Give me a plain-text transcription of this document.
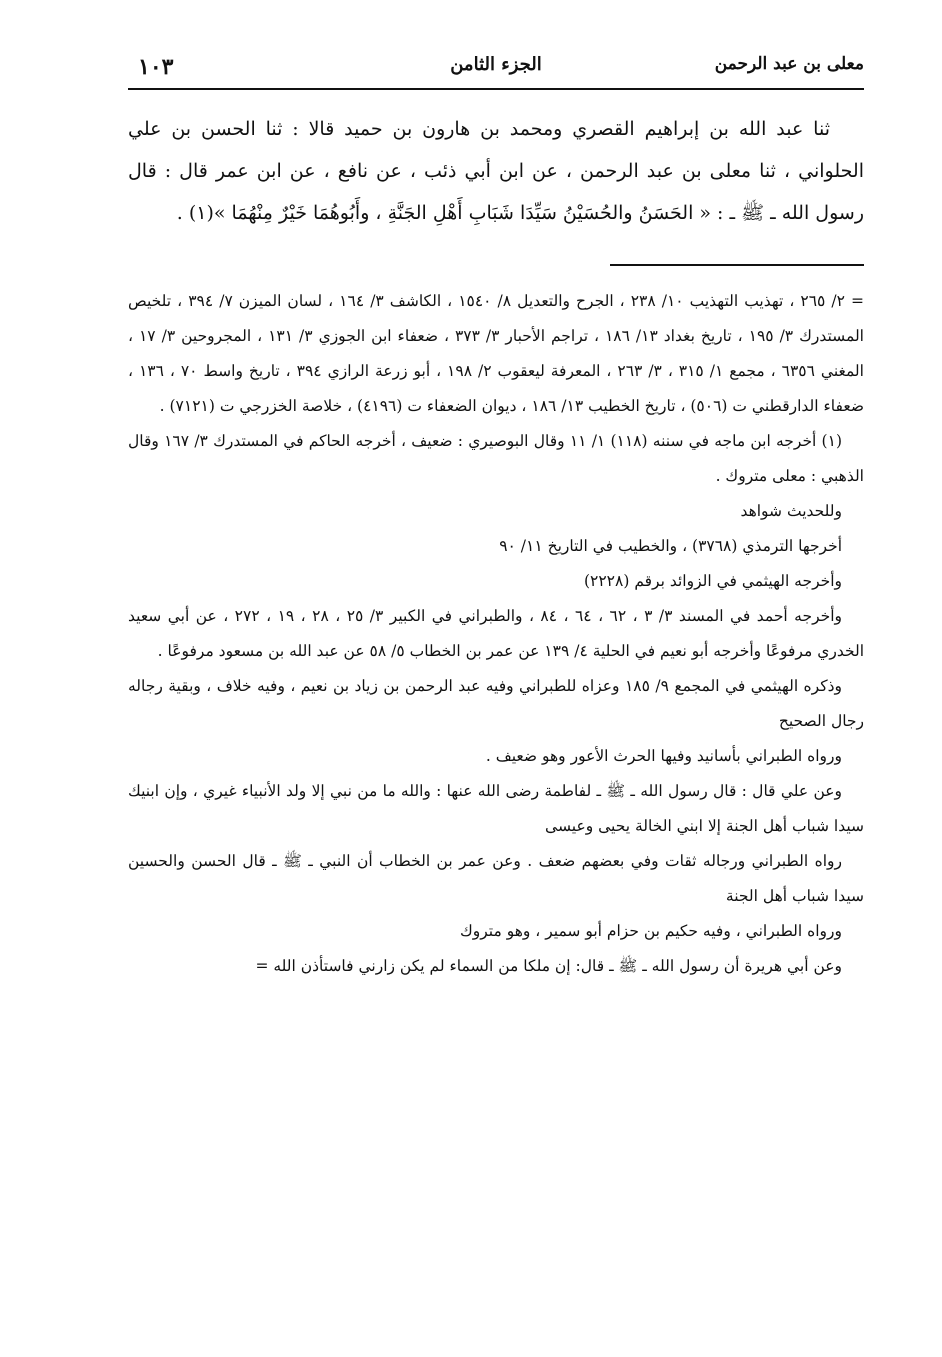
معلى بن عبد الرحمن
الجزء الثامن
١٠٣

ثنا عبد الله بن إبراهيم القصري ومحمد بن هارون بن حميد قالا : ثنا الحسن بن علي الحلواني ، ثنا معلى بن عبد الرحمن ، عن ابن أبي ذئب ، عن نافع ، عن ابن عمر قال : قال رسول الله ـ ﷺ ـ : « الحَسَنُ والحُسَيْنُ سَيِّدَا شَبَابِ أَهْلِ الجَنَّةِ ، وأَبُوهُمَا خَيْرٌ مِنْهُمَا »(١) .

= ٢/ ٢٦٥ ، تهذيب التهذيب ١٠/ ٢٣٨ ، الجرح والتعديل ٨/ ١٥٤٠ ، الكاشف ٣/ ١٦٤ ، لسان الميزن ٧/ ٣٩٤ ، تلخيص المستدرك ٣/ ١٩٥ ، تاريخ بغداد ١٣/ ١٨٦ ، تراجم الأحبار ٣/ ٣٧٣ ، ضعفاء ابن الجوزي ٣/ ١٣١ ، المجروحين ٣/ ١٧ ، المغني ٦٣٥٦ ، مجمع ١/ ٣١٥ ، ٣/ ٢٦٣ ، المعرفة ليعقوب ٢/ ١٩٨ ، أبو زرعة الرازي ٣٩٤ ، تاريخ واسط ٧٠ ، ١٣٦ ، ضعفاء الدارقطني ت (٥٠٦) ، تاريخ الخطيب ١٣/ ١٨٦ ، ديوان الضعفاء ت (٤١٩٦) ، خلاصة الخزرجي ت (٧١٢١) .

(١) أخرجه ابن ماجه في سننه (١١٨) ١/ ١١ وقال البوصيري : ضعيف ، أخرجه الحاكم في المستدرك ٣/ ١٦٧ وقال الذهبي : معلى متروك .

وللحديث شواهد

أخرجها الترمذي (٣٧٦٨) ، والخطيب في التاريخ ١١/ ٩٠

وأخرجه الهيثمي في الزوائد برقم (٢٢٢٨)

وأخرجه أحمد في المسند ٣/ ٣ ، ٦٢ ، ٦٤ ، ٨٤ ، والطبراني في الكبير ٣/ ٢٥ ، ٢٨ ، ١٩ ، ٢٧٢ ، عن أبي سعيد الخدري مرفوعًا وأخرجه أبو نعيم في الحلية ٤/ ١٣٩ عن عمر بن الخطاب ٥/ ٥٨ عن عبد الله بن مسعود مرفوعًا .

وذكره الهيثمي في المجمع ٩/ ١٨٥ وعزاه للطبراني وفيه عبد الرحمن بن زياد بن نعيم ، وفيه خلاف ، وبقية رجاله رجال الصحيح

ورواه الطبراني بأسانيد وفيها الحرث الأعور وهو ضعيف .

وعن علي قال : قال رسول الله ـ ﷺ ـ لفاطمة رضى الله عنها : والله ما من نبي إلا ولد الأنبياء غيري ، وإن ابنيك سيدا شباب أهل الجنة إلا ابني الخالة يحيى وعيسى

رواه الطبراني ورجاله ثقات وفي بعضهم ضعف . وعن عمر بن الخطاب أن النبي ـ ﷺ ـ قال الحسن والحسين سيدا شباب أهل الجنة

ورواه الطبراني ، وفيه حكيم بن حزام أبو سمير ، وهو متروك

وعن أبي هريرة أن رسول الله ـ ﷺ ـ قال: إن ملكا من السماء لم يكن زارني فاستأذن الله =
